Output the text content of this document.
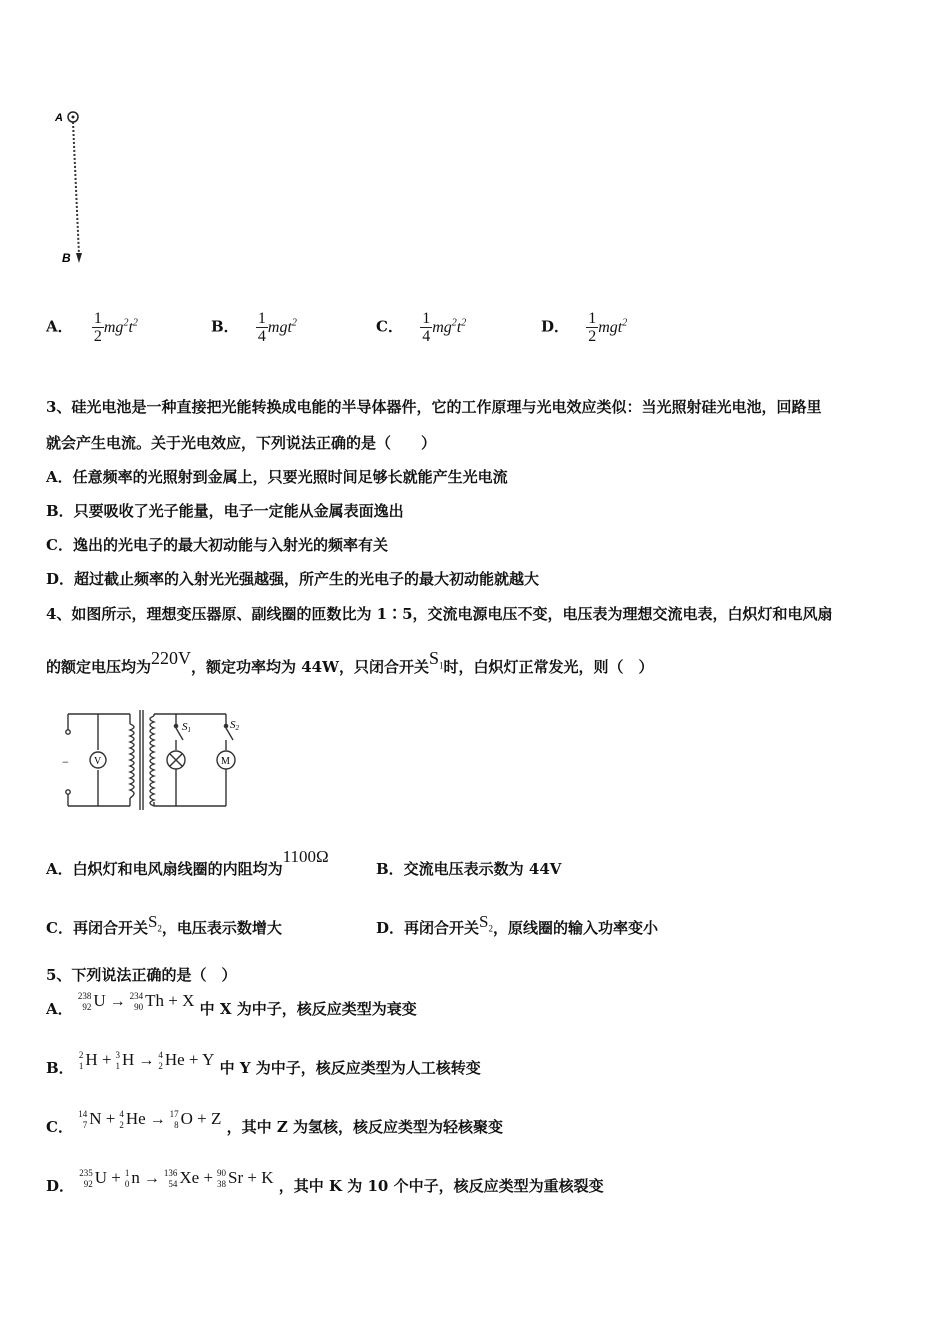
A
B
A． $\frac{1}{2} mg^2t^2$	B． $\frac{1}{4} mgt^2$	C． $\frac{1}{4} mg^2t^2$	D． $\frac{1}{2} mgt^2$
3、硅光电池是一种直接把光能转换成电能的半导体器件，它的工作原理与光电效应类似：当光照射硅光电池，回路里
就会产生电流。关于光电效应，下列说法正确的是（　　）
A．任意频率的光照射到金属上，只要光照时间足够长就能产生光电流
B．只要吸收了光子能量，电子一定能从金属表面逸出
C．逸出的光电子的最大初动能与入射光的频率有关
D．超过截止频率的入射光光强越强，所产生的光电子的最大初动能就越大
4、如图所示，理想变压器原、副线圈的匝数比为 1∶5，交流电源电压不变，电压表为理想交流电表，白炽灯和电风扇
的额定电压均为220V，额定功率均为 44W，只闭合开关$S_1$时，白炽灯正常发光，则（　）
V	M
−
S1	S2
A．白炽灯和电风扇线圈的内阻均为1100Ω
B．交流电压表示数为 44V
C．再闭合开关$S_2$，电压表示数增大	D．再闭合开关$S_2$，原线圈的输入功率变小
5、下列说法正确的是（　）
A．
238
92 U → 234
90 Th + X 中 X 为中子，核反应类型为衰变
B．
2
1 H + 3
1 H → 4
2 He + Y 中 Y 为中子，核反应类型为人工核转变
C．
14
7 N + 4
2 He → 17
8 O + Z ，其中 Z 为氢核，核反应类型为轻核聚变
D．
235
92 U + 1
0 n → 136
54 Xe + 90
38 Sr + K ，其中 K 为 10 个中子，核反应类型为重核裂变
